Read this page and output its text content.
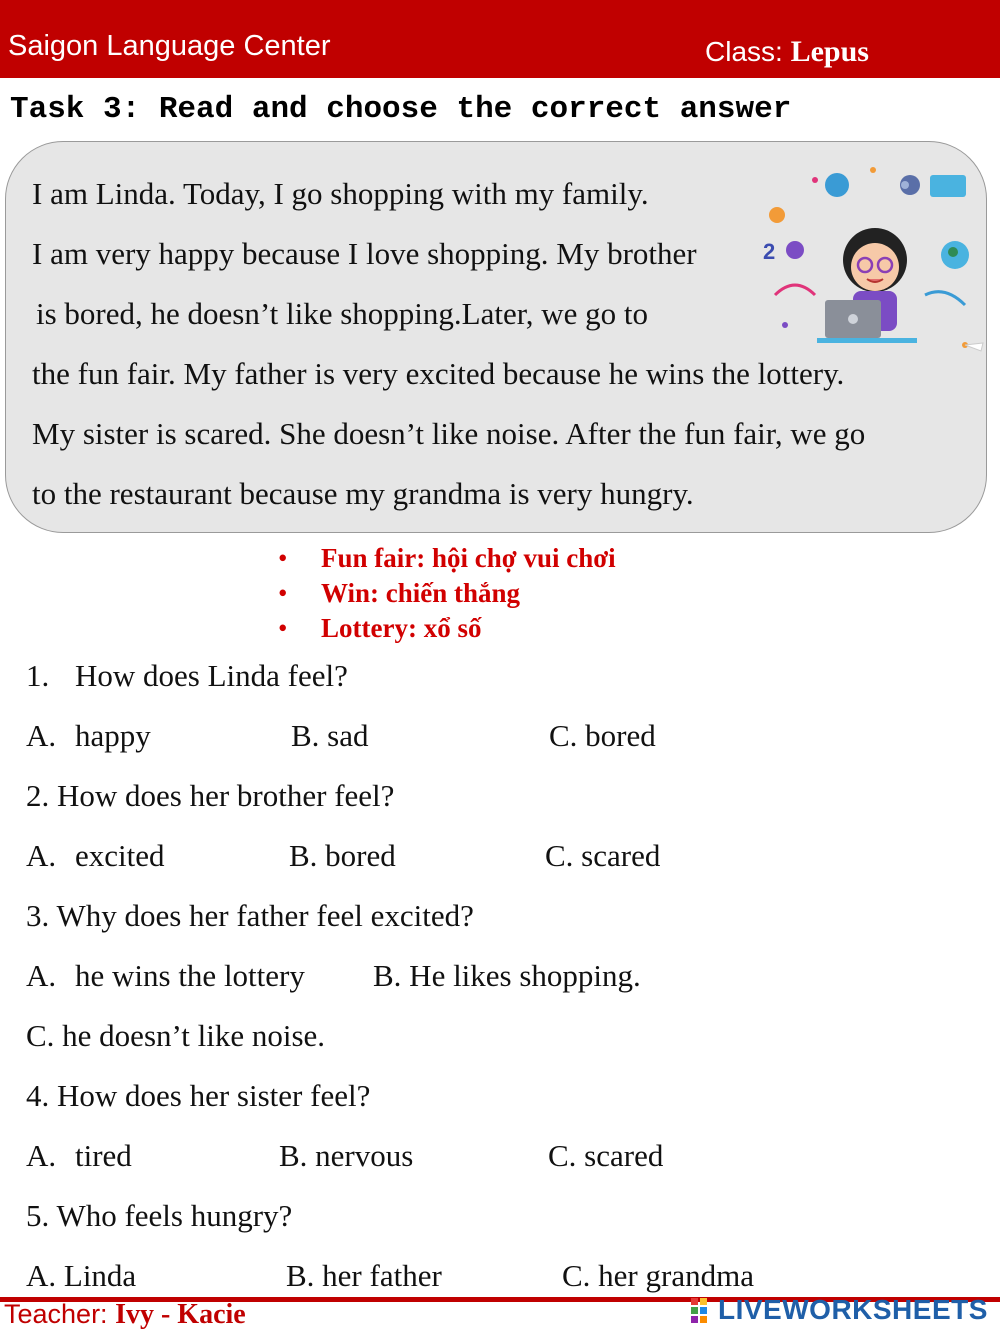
Saigon Language Center	Class: Lepus
Task 3: Read and choose the correct answer
I am Linda. Today, I go shopping with my family.
I am very happy because I love shopping. My brother
is bored, he doesn’t like shopping.Later, we go to
the fun fair. My father is very excited because he wins the lottery.
My sister is scared. She doesn’t like noise. After the fun fair, we go
to the restaurant because my grandma is very hungry.
2
• Fun fair: hội chợ vui chơi
• Win: chiến thắng
• Lottery: xổ số
1. How does Linda feel?
A. happy	B. sad	C. bored
2. How does her brother feel?
A. excited	B. bored	C. scared
3. Why does her father feel excited?
A. he wins the lottery B. He likes shopping.
C. he doesn’t like noise.
4. How does her sister feel?
A. tired	B. nervous	C. scared
5. Who feels hungry?
A. Linda	B. her father	C. her grandma
Teacher: Ivy - Kacie	LIVEWORKSHEETS
